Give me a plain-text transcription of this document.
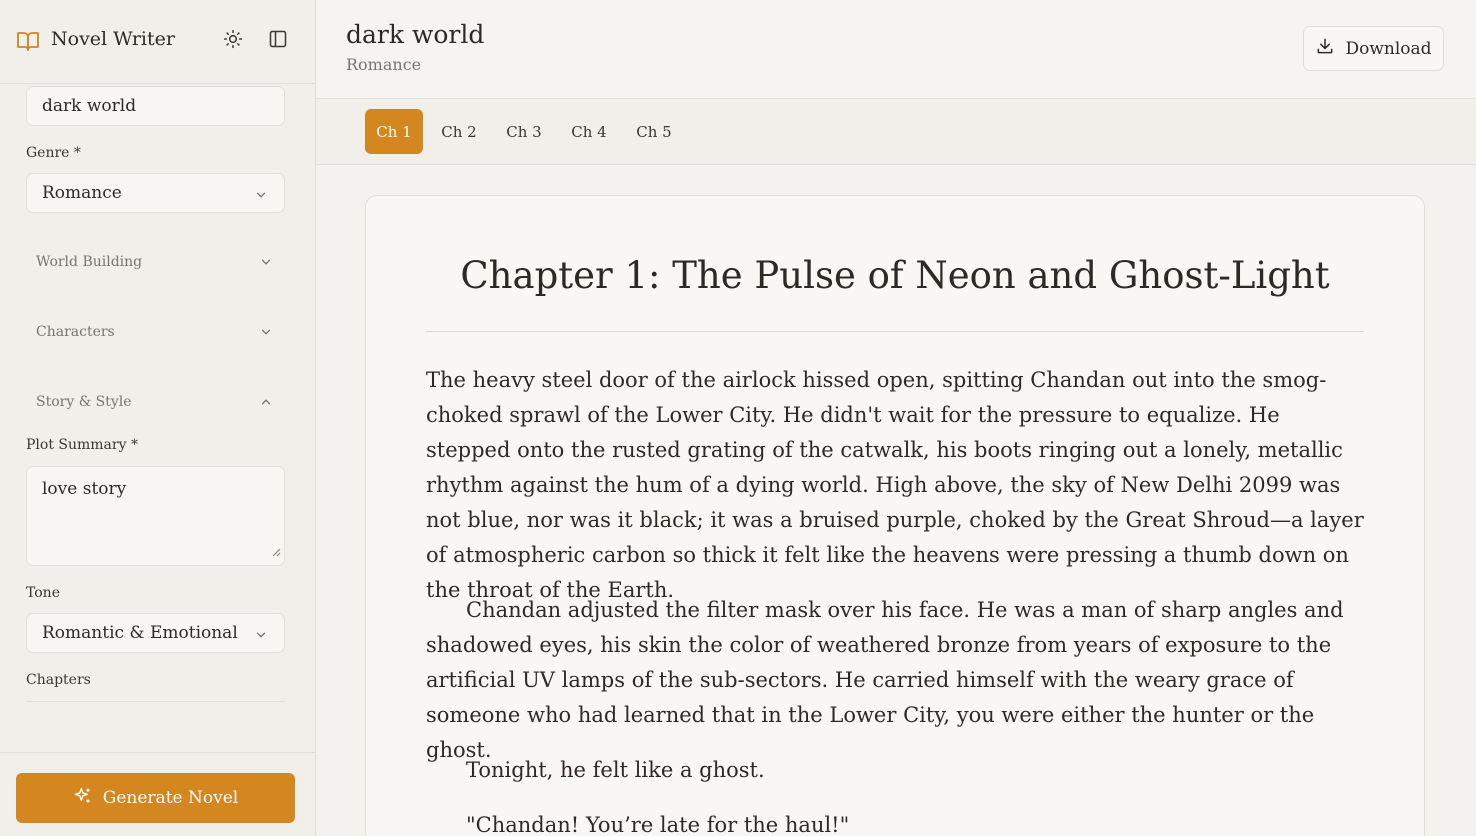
Novel Writer
dark world
Genre *
Romance
World Building
Characters
Story & Style
Plot Summary *
love story
Tone
Romantic & Emotional
Chapters
Generate Novel
dark world
Romance
Download
Ch 1 Ch 2 Ch 3 Ch 4 Ch 5
Chapter 1: The Pulse of Neon and Ghost-Light

The heavy steel door of the airlock hissed open, spitting Chandan out into the smog-choked sprawl of the Lower City. He didn't wait for the pressure to equalize. He stepped onto the rusted grating of the catwalk, his boots ringing out a lonely, metallic rhythm against the hum of a dying world. High above, the sky of New Delhi 2099 was not blue, nor was it black; it was a bruised purple, choked by the Great Shroud—a layer of atmospheric carbon so thick it felt like the heavens were pressing a thumb down on the throat of the Earth.

Chandan adjusted the filter mask over his face. He was a man of sharp angles and shadowed eyes, his skin the color of weathered bronze from years of exposure to the artificial UV lamps of the sub-sectors. He carried himself with the weary grace of someone who had learned that in the Lower City, you were either the hunter or the ghost.

Tonight, he felt like a ghost.

"Chandan! You’re late for the haul!"
